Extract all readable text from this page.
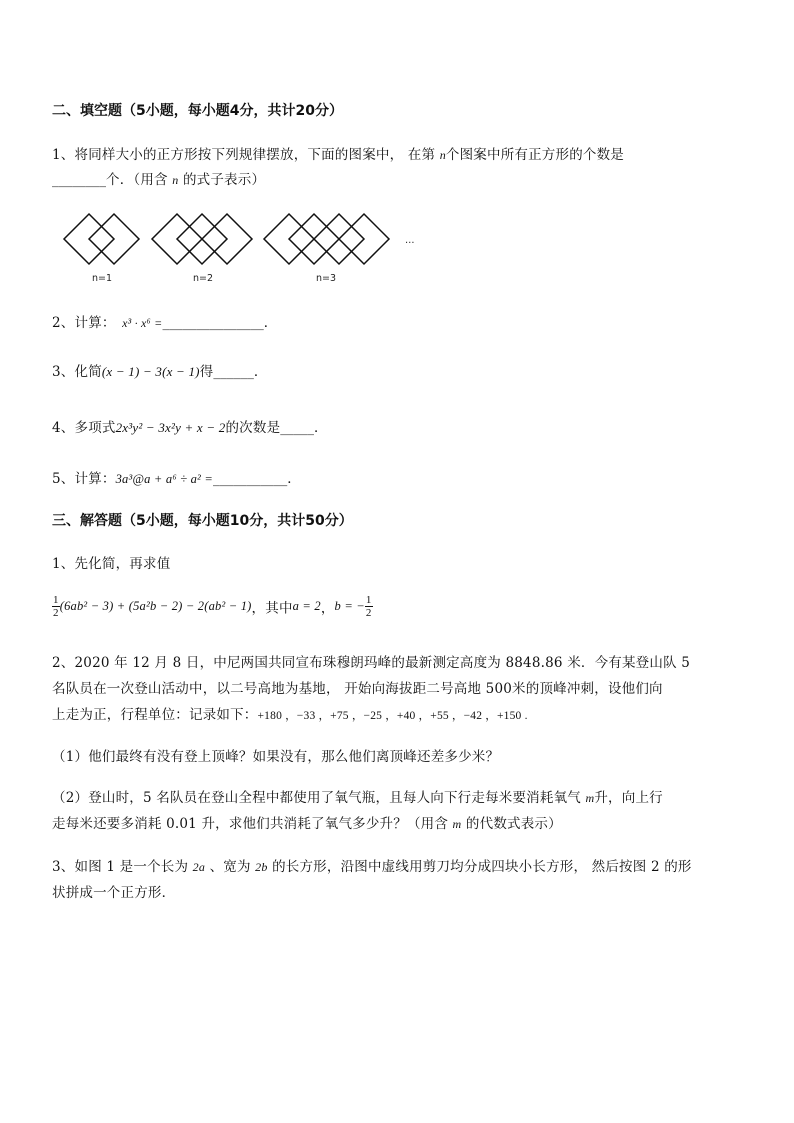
二、填空题（5小题，每小题4分，共计20分）
1、将同样大小的正方形按下列规律摆放，下面的图案中， 在第 n个图案中所有正方形的个数是
________个．（用含 n 的式子表示）
n=1	n=2	n=3
…
2、计算： x³ · x⁶ =_______________．
3、化简(x − 1) − 3(x − 1)得______．
4、多项式2x³y² − 3x²y + x − 2的次数是_____．
5、计算：3a³@a + a⁶ ÷ a² =___________．
三、解答题（5小题，每小题10分，共计50分）
1、先化简，再求值
$\frac{1}{2} (6ab^2 - 3) + (5a^2b - 2) - 2(ab^2 - 1)$，其中a = 2，b = − $\frac{1}{2}$
2、2020 年 12 月 8 日，中尼两国共同宣布珠穆朗玛峰的最新测定高度为 8848.86 米．今有某登山队 5
名队员在一次登山活动中，以二号高地为基地， 开始向海拔距二号高地 500米的顶峰冲刺，设他们向
上走为正，行程单位：记录如下：+180 ，−33 ，+75 ，−25 ，+40 ，+55 ，−42 ，+150 .
（1）他们最终有没有登上顶峰？如果没有，那么他们离顶峰还差多少米？
（2）登山时，5 名队员在登山全程中都使用了氧气瓶，且每人向下行走每米要消耗氧气 m升，向上行
走每米还要多消耗 0.01 升，求他们共消耗了氧气多少升？（用含 m 的代数式表示）
3、如图 1 是一个长为 2a 、宽为 2b 的长方形，沿图中虚线用剪刀均分成四块小长方形， 然后按图 2 的形
状拼成一个正方形．
